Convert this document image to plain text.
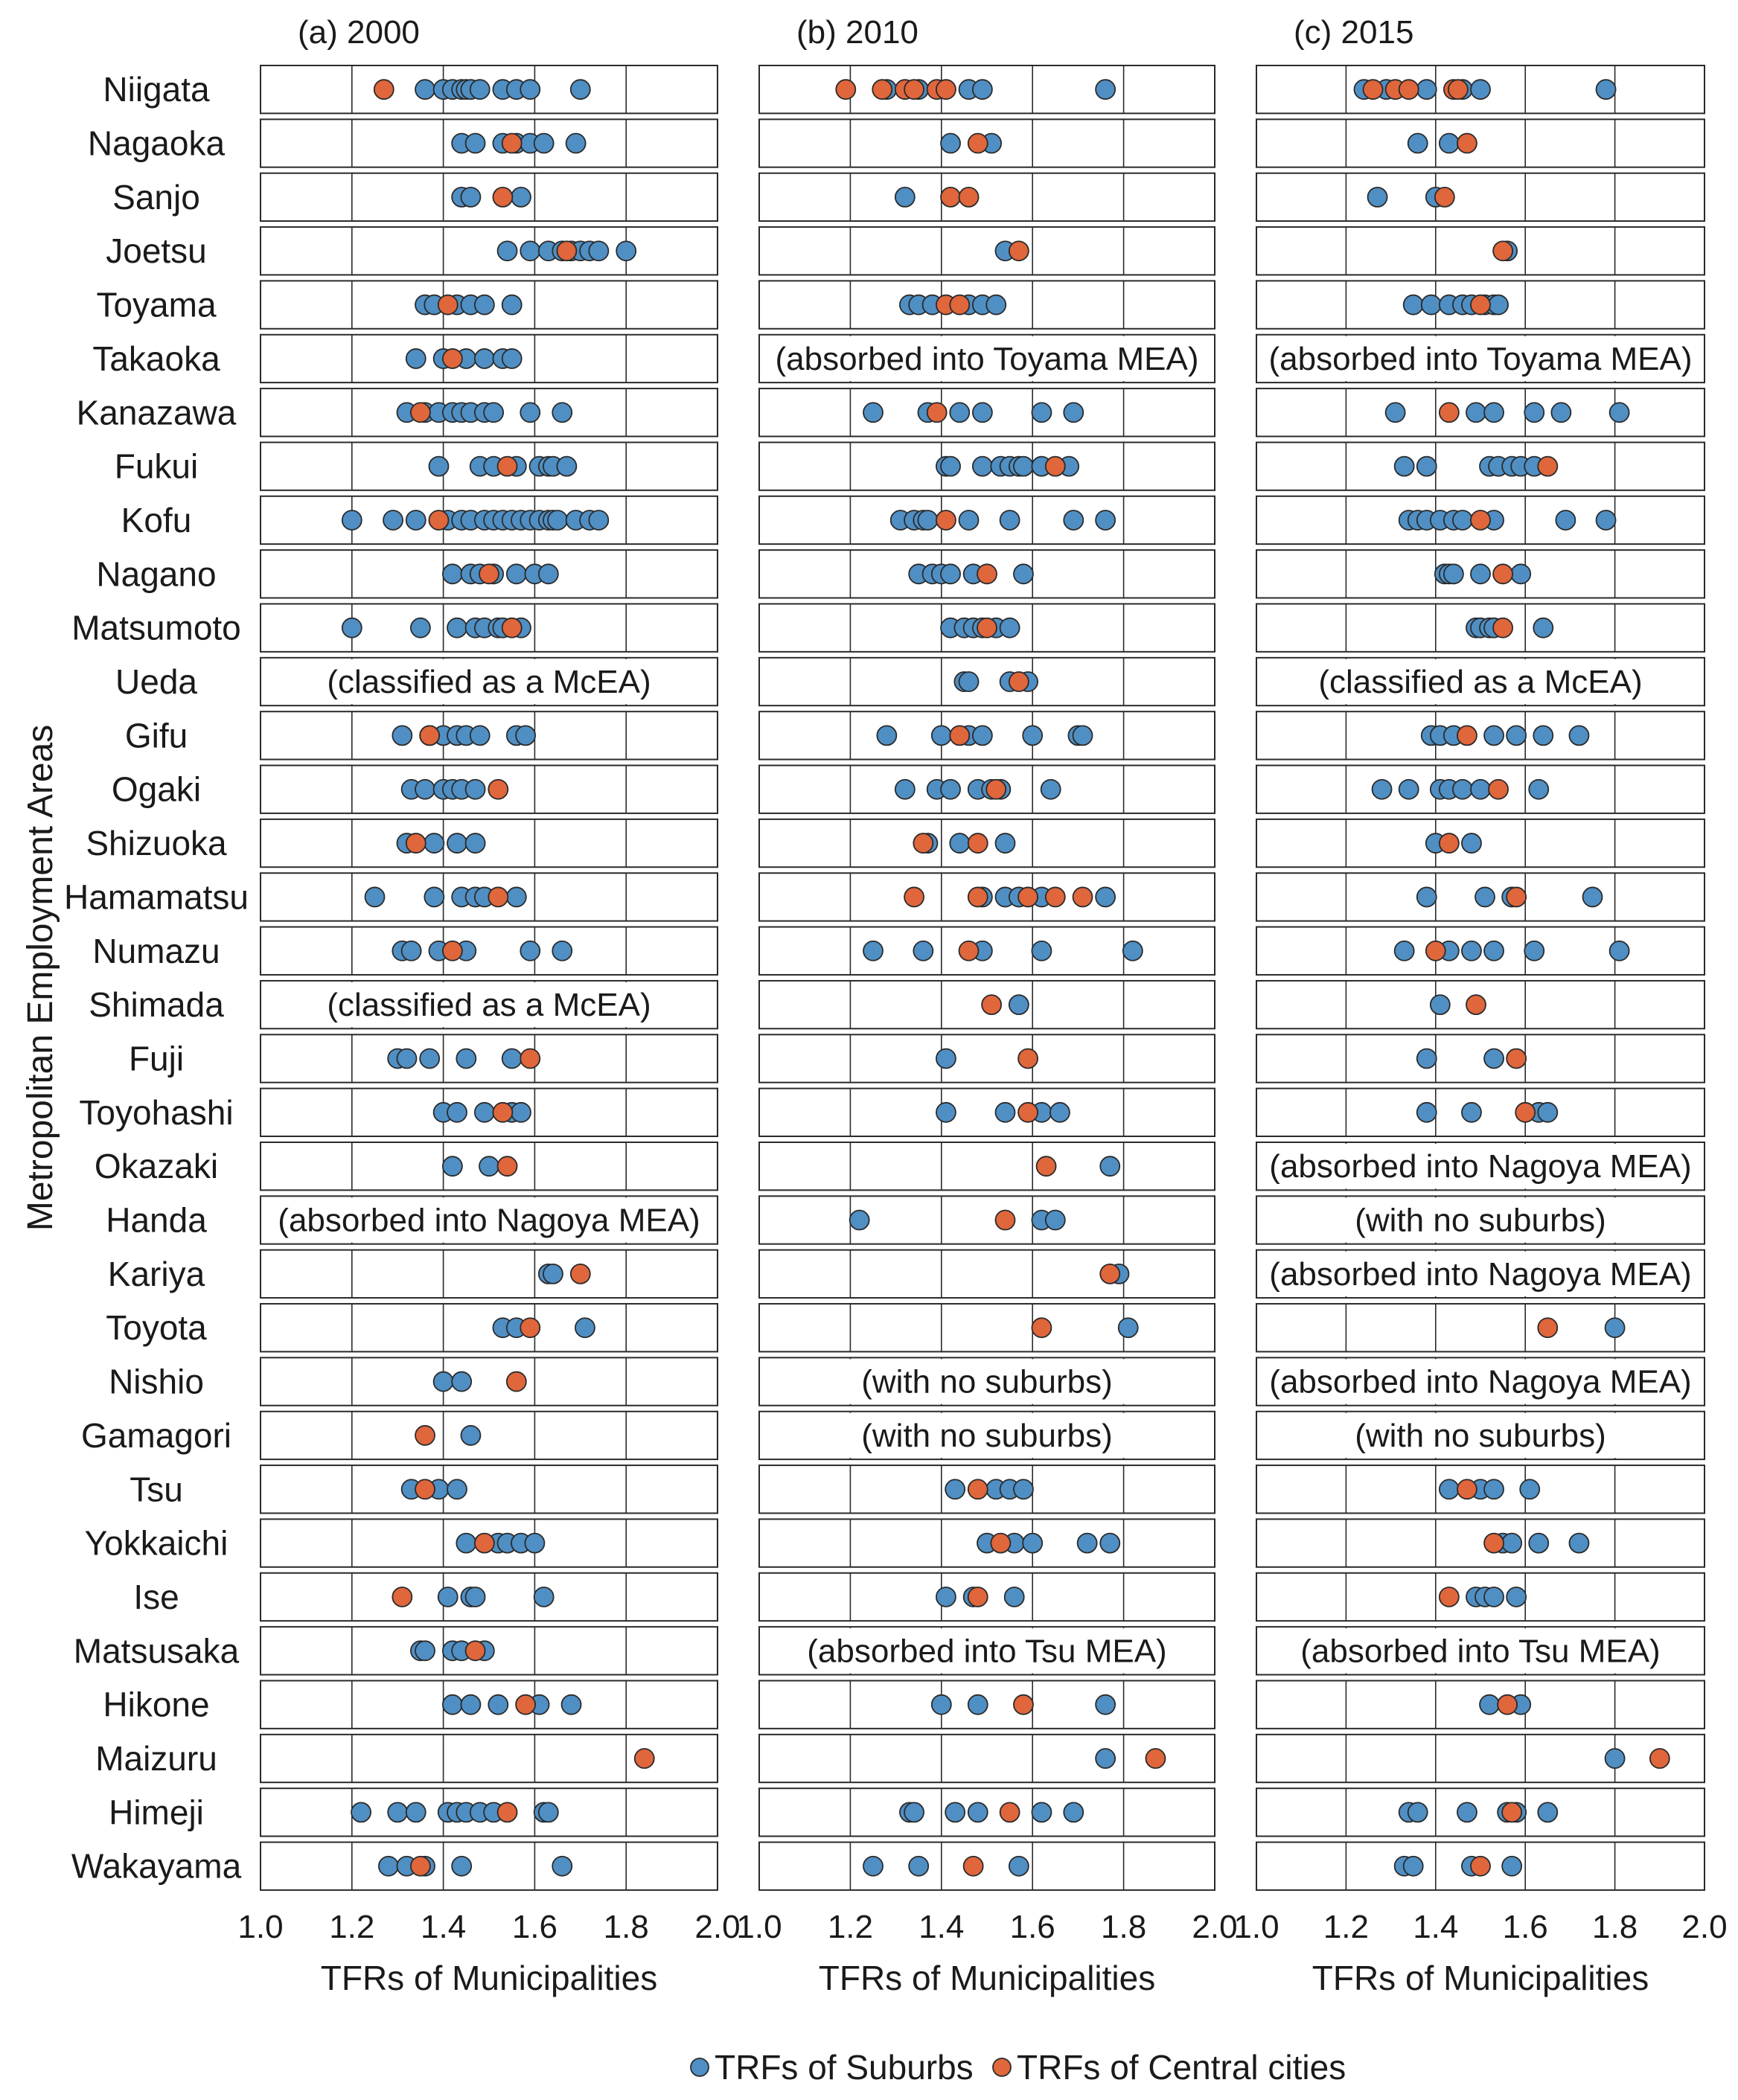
Metropolitan Employment Areas
Niigata
Nagaoka
Sanjo
Joetsu
Toyama
Takaoka
Kanazawa
Fukui
Kofu
Nagano
Matsumoto
Ueda
Gifu
Ogaki
Shizuoka
Hamamatsu
Numazu
Shimada
Fuji
Toyohashi
Okazaki
Handa
Kariya
Toyota
Nishio
Gamagori
Tsu
Yokkaichi
Ise
Matsusaka
Hikone
Maizuru
Himeji
Wakayama
(a) 2000
(classified as a McEA)
(classified as a McEA)
(absorbed into Nagoya MEA)
1.0 1.2 1.4 1.6 1.8 2.0
TFRs of Municipalities
(b) 2010
(absorbed into Toyama MEA)
(with no suburbs)
(with no suburbs)
(absorbed into Tsu MEA)
1.0 1.2 1.4 1.6 1.8 2.0
TFRs of Municipalities
(c) 2015
(absorbed into Toyama MEA)
(classified as a McEA)
(absorbed into Nagoya MEA)
(with no suburbs)
(absorbed into Nagoya MEA)
(absorbed into Nagoya MEA)
(with no suburbs)
(absorbed into Tsu MEA)
1.0 1.2 1.4 1.6 1.8 2.0
TFRs of Municipalities
TRFs of Suburbs TRFs of Central cities
